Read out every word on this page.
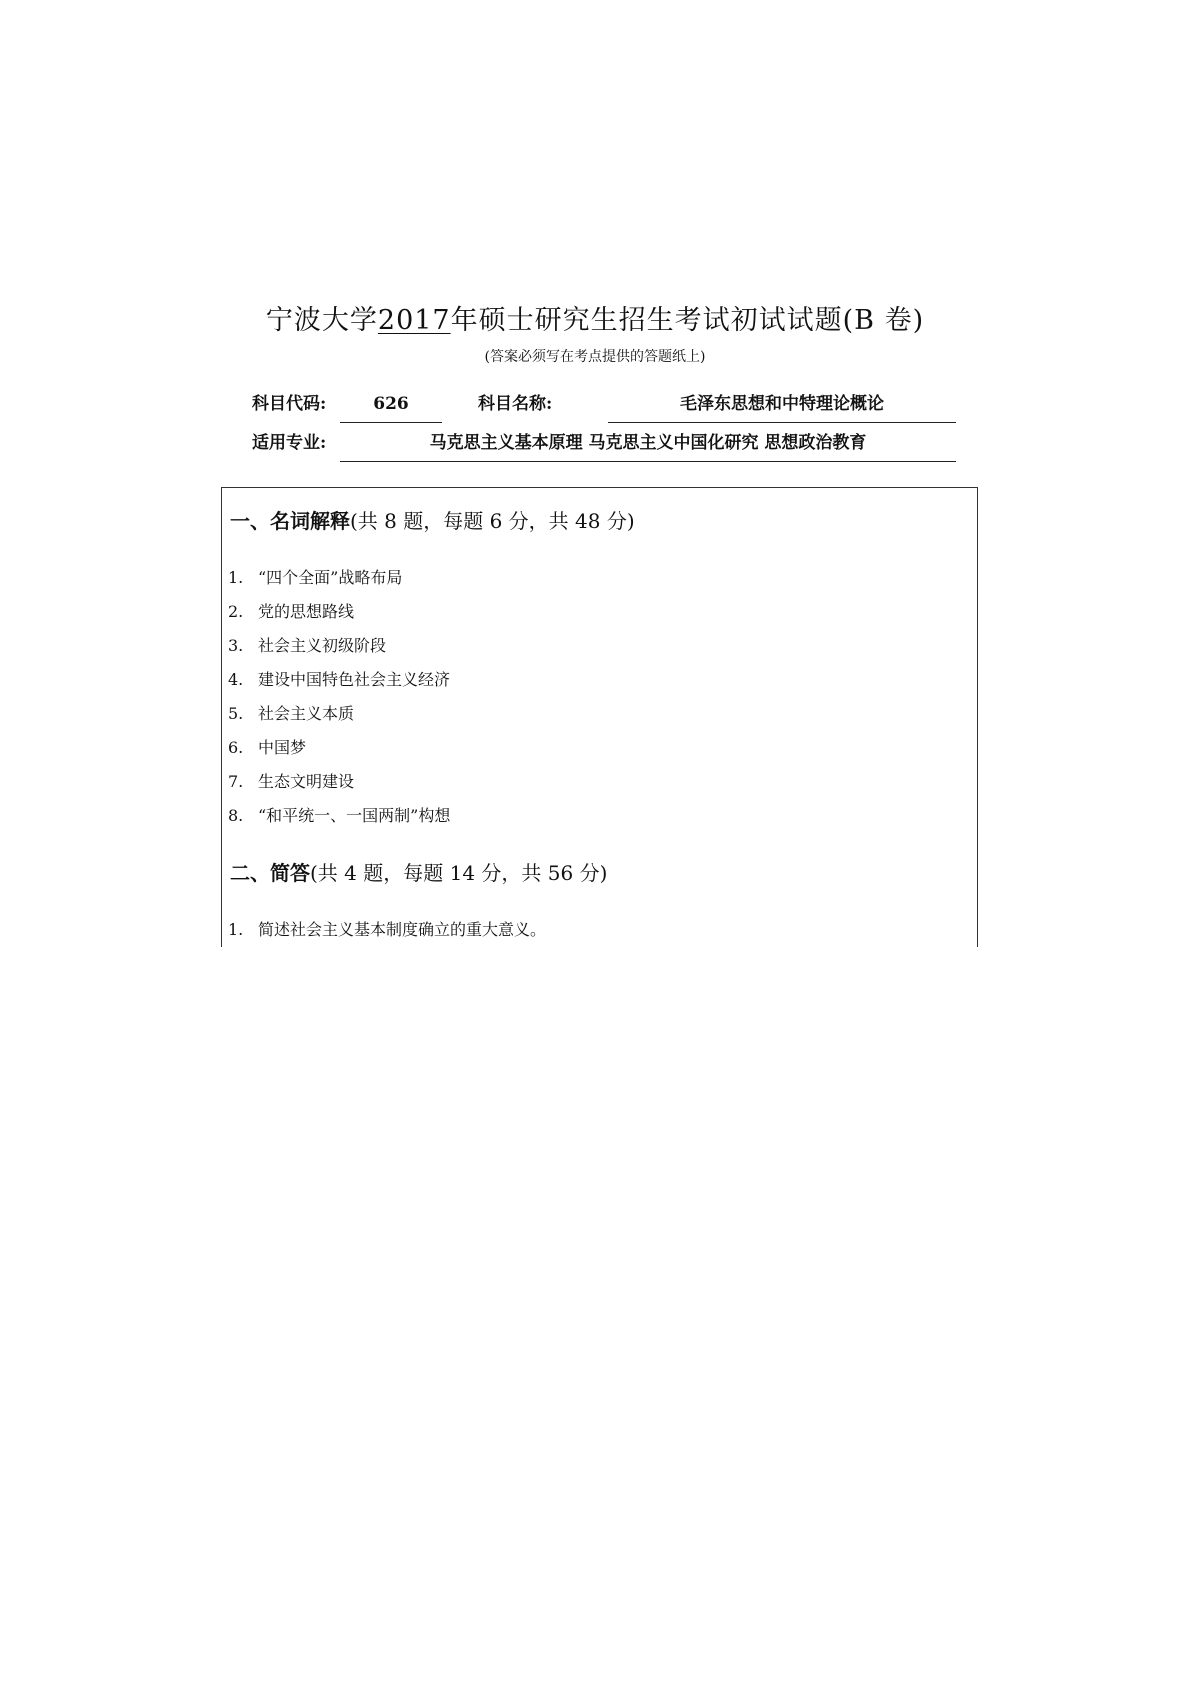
宁波大学2017年硕士研究生招生考试初试试题(B 卷)
(答案必须写在考点提供的答题纸上)
科目代码:	626	科目名称:	毛泽东思想和中特理论概论
适用专业:	马克思主义基本原理 马克思主义中国化研究 思想政治教育
一、名词解释(共 8 题，每题 6 分，共 48 分)
1. “四个全面”战略布局
2. 党的思想路线
3. 社会主义初级阶段
4. 建设中国特色社会主义经济
5. 社会主义本质
6. 中国梦
7. 生态文明建设
8. “和平统一、一国两制”构想
二、简答(共 4 题，每题 14 分，共 56 分)
1. 简述社会主义基本制度确立的重大意义。
